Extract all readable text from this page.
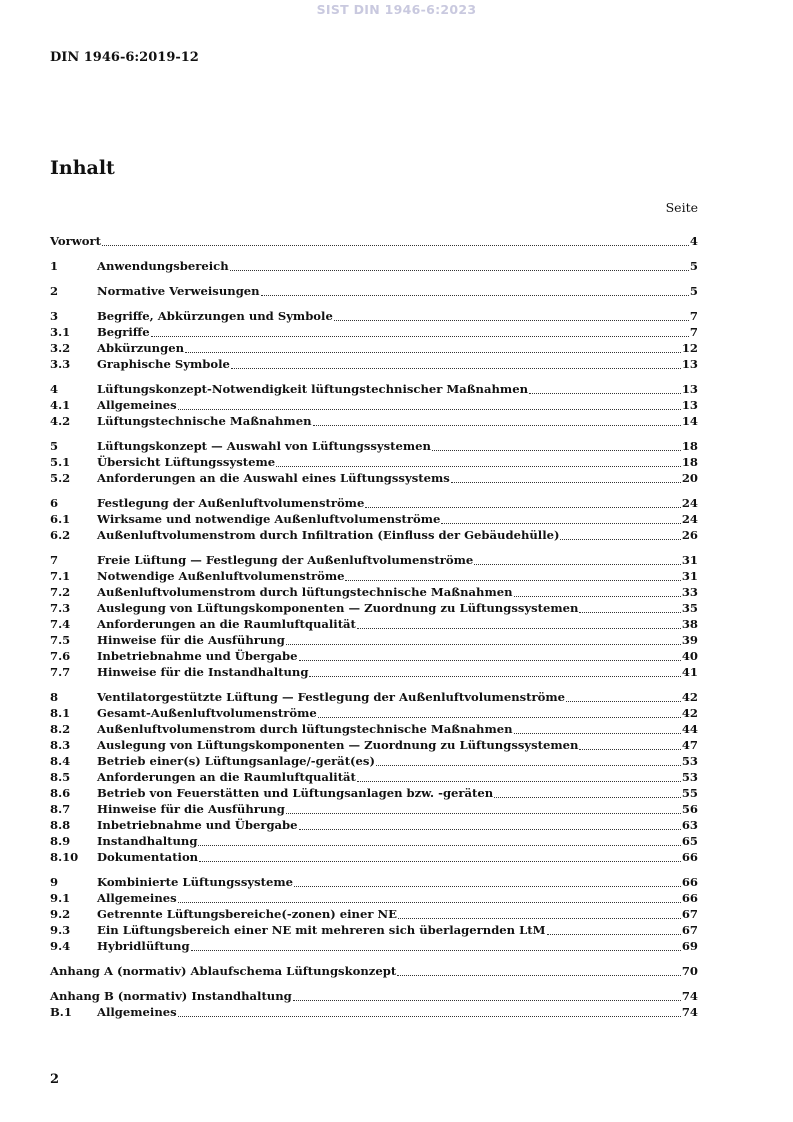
SIST DIN 1946-6:2023
DIN 1946-6:2019-12
Inhalt
Seite
Vorwort	4
1	Anwendungsbereich	5
2	Normative Verweisungen	5
3	Begriffe, Abkürzungen und Symbole	7
3.1	Begriffe	7
3.2	Abkürzungen	12
3.3	Graphische Symbole	13
4	Lüftungskonzept-Notwendigkeit lüftungstechnischer Maßnahmen	13
4.1	Allgemeines	13
4.2	Lüftungstechnische Maßnahmen	14
5	Lüftungskonzept — Auswahl von Lüftungssystemen	18
5.1	Übersicht Lüftungssysteme	18
5.2	Anforderungen an die Auswahl eines Lüftungssystems	20
6	Festlegung der Außenluftvolumenströme	24
6.1	Wirksame und notwendige Außenluftvolumenströme	24
6.2	Außenluftvolumenstrom durch Infiltration (Einfluss der Gebäudehülle)	26
7	Freie Lüftung — Festlegung der Außenluftvolumenströme	31
7.1	Notwendige Außenluftvolumenströme	31
7.2	Außenluftvolumenstrom durch lüftungstechnische Maßnahmen	33
7.3	Auslegung von Lüftungskomponenten — Zuordnung zu Lüftungssystemen	35
7.4	Anforderungen an die Raumluftqualität	38
7.5	Hinweise für die Ausführung	39
7.6	Inbetriebnahme und Übergabe	40
7.7	Hinweise für die Instandhaltung	41
8	Ventilatorgestützte Lüftung — Festlegung der Außenluftvolumenströme	42
8.1	Gesamt-Außenluftvolumenströme	42
8.2	Außenluftvolumenstrom durch lüftungstechnische Maßnahmen	44
8.3	Auslegung von Lüftungskomponenten — Zuordnung zu Lüftungssystemen	47
8.4	Betrieb einer(s) Lüftungsanlage/-gerät(es)	53
8.5	Anforderungen an die Raumluftqualität	53
8.6	Betrieb von Feuerstätten und Lüftungsanlagen bzw. -geräten	55
8.7	Hinweise für die Ausführung	56
8.8	Inbetriebnahme und Übergabe	63
8.9	Instandhaltung	65
8.10	Dokumentation	66
9	Kombinierte Lüftungssysteme	66
9.1	Allgemeines	66
9.2	Getrennte Lüftungsbereiche(-zonen) einer NE	67
9.3	Ein Lüftungsbereich einer NE mit mehreren sich überlagernden LtM	67
9.4	Hybridlüftung	69
Anhang A (normativ) Ablaufschema Lüftungskonzept	70
Anhang B (normativ) Instandhaltung	74
B.1	Allgemeines	74
2
